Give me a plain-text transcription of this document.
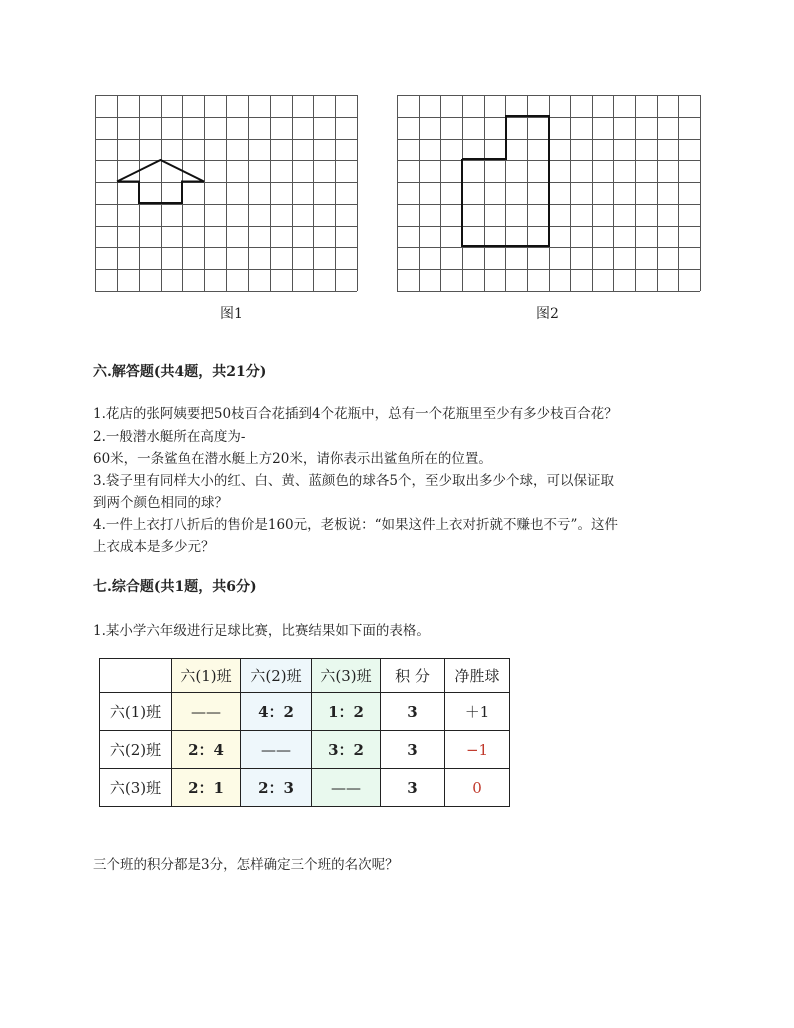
图1	图2
六.解答题(共4题，共21分)
1.花店的张阿姨要把50枝百合花插到4个花瓶中，总有一个花瓶里至少有多少枝百合花？
2.一般潜水艇所在高度为-
60米，一条鲨鱼在潜水艇上方20米，请你表示出鲨鱼所在的位置。
3.袋子里有同样大小的红、白、黄、蓝颜色的球各5个，至少取出多少个球，可以保证取
到两个颜色相同的球？
4.一件上衣打八折后的售价是160元，老板说：“如果这件上衣对折就不赚也不亏”。这件
上衣成本是多少元？
七.综合题(共1题，共6分)
1.某小学六年级进行足球比赛，比赛结果如下面的表格。
	六(1)班	六(2)班	六(3)班	积 分	净胜球
六(1)班	——	4：2	1：2	3	＋1
六(2)班	2：4	——	3：2	3	−1
六(3)班	2：1	2：3	——	3	0
三个班的积分都是3分，怎样确定三个班的名次呢？
